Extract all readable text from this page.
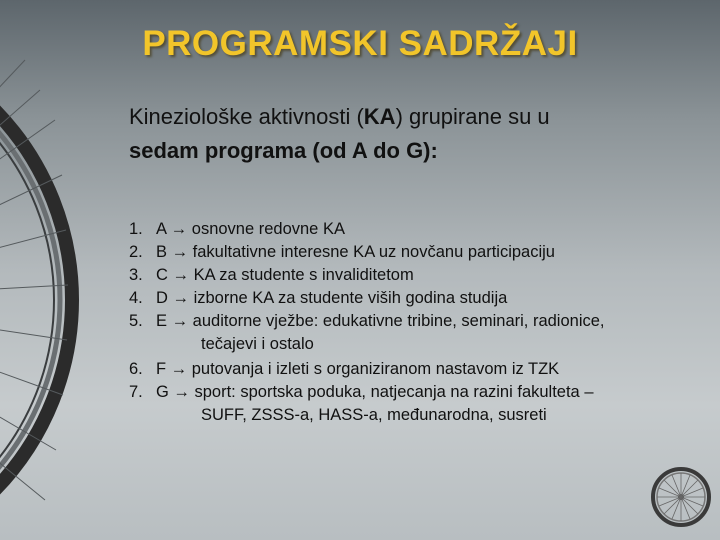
PROGRAMSKI SADRŽAJI
Kineziološke aktivnosti (KA) grupirane su u
sedam programa (od A do G):
1. A → osnovne redovne KA
2. B → fakultativne interesne KA uz novčanu participaciju
3. C → KA za studente s invaliditetom
4. D → izborne KA za studente viših godina studija
5. E → auditorne vježbe: edukativne tribine, seminari, radionice,
tečajevi i ostalo
6. F → putovanja i izleti s organiziranom nastavom iz TZK
7. G → sport: sportska poduka, natjecanja na razini fakulteta –
SUFF, ZSSS-a, HASS-a, međunarodna, susreti
